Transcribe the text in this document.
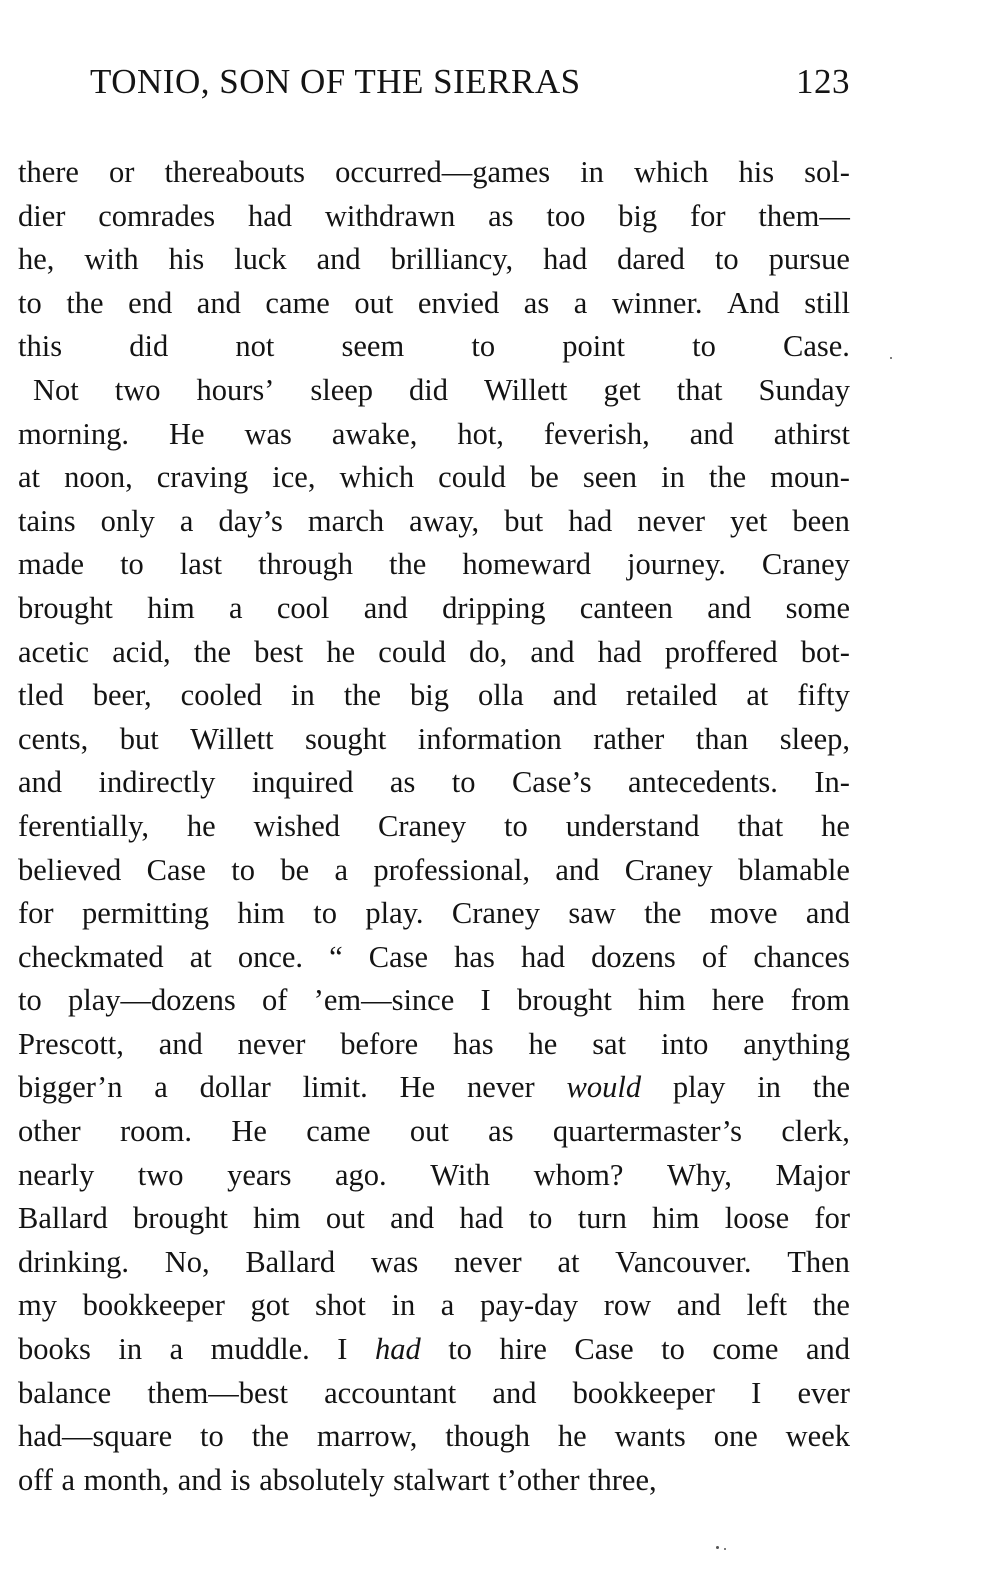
TONIO, SON OF THE SIERRAS	123
there or thereabouts occurred—games in which his sol-
dier comrades had withdrawn as too big for them—
he, with his luck and brilliancy, had dared to pursue
to the end and came out envied as a winner. And still
this did not seem to point to Case.
Not two hours’ sleep did Willett get that Sunday
morning. He was awake, hot, feverish, and athirst
at noon, craving ice, which could be seen in the moun-
tains only a day’s march away, but had never yet been
made to last through the homeward journey. Craney
brought him a cool and dripping canteen and some
acetic acid, the best he could do, and had proffered bot-
tled beer, cooled in the big olla and retailed at fifty
cents, but Willett sought information rather than sleep,
and indirectly inquired as to Case’s antecedents. In-
ferentially, he wished Craney to understand that he
believed Case to be a professional, and Craney blamable
for permitting him to play. Craney saw the move and
checkmated at once. “ Case has had dozens of chances
to play—dozens of ’em—since I brought him here from
Prescott, and never before has he sat into anything
bigger’n a dollar limit. He never would play in the
other room. He came out as quartermaster’s clerk,
nearly two years ago. With whom? Why, Major
Ballard brought him out and had to turn him loose for
drinking. No, Ballard was never at Vancouver. Then
my bookkeeper got shot in a pay-day row and left the
books in a muddle. I had to hire Case to come and
balance them—best accountant and bookkeeper I ever
had—square to the marrow, though he wants one week
off a month, and is absolutely stalwart t’other three,
